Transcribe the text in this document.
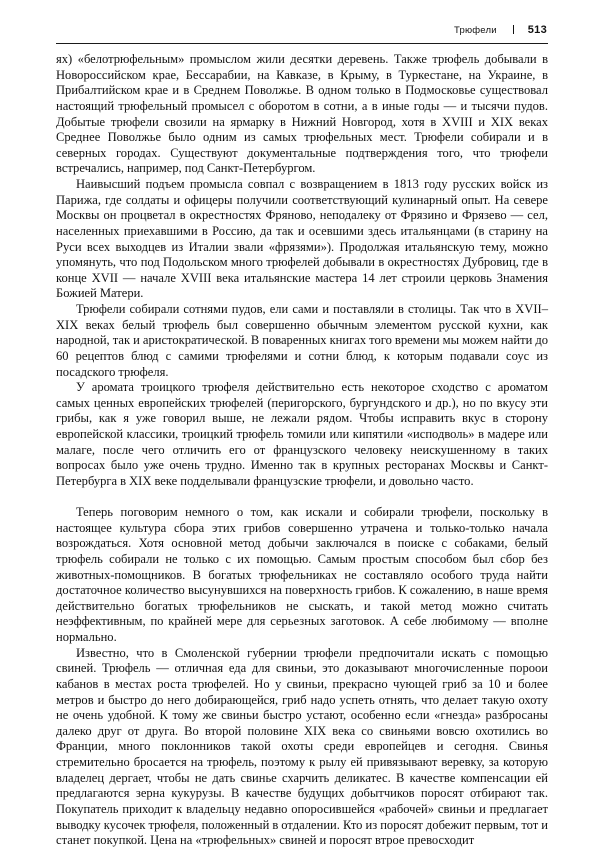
Трюфели	513

ях) «белотрюфельным» промыслом жили десятки деревень. Также трюфель добывали в Новороссийском крае, Бессарабии, на Кавказе, в Крыму, в Туркестане, на Украине, в Прибалтийском крае и в Среднем Поволжье. В одном только в Подмосковье существовал настоящий трюфельный промысел с оборотом в сотни, а в иные годы — и тысячи пудов. Добытые трюфели свозили на ярмарку в Нижний Новгород, хотя в XVIII и XIX веках Среднее Поволжье было одним из самых трюфельных мест. Трюфели собирали и в северных городах. Существуют документальные подтверждения того, что трюфели встречались, например, под Санкт-Петербургом.

Наивысший подъем промысла совпал с возвращением в 1813 году русских войск из Парижа, где солдаты и офицеры получили соответствующий кулинарный опыт. На севере Москвы он процветал в окрестностях Фряново, неподалеку от Фрязино и Фрязево — сел, населенных приехавшими в Россию, да так и осевшими здесь итальянцами (в старину на Руси всех выходцев из Италии звали «фрязями»). Продолжая итальянскую тему, можно упомянуть, что под Подольском много трюфелей добывали в окрестностях Дубровиц, где в конце XVII — начале XVIII века итальянские мастера 14 лет строили церковь Знамения Божией Матери.

Трюфели собирали сотнями пудов, ели сами и поставляли в столицы. Так что в XVII–XIX веках белый трюфель был совершенно обычным элементом русской кухни, как народной, так и аристократической. В поваренных книгах того времени мы можем найти до 60 рецептов блюд с самими трюфелями и сотни блюд, к которым подавали соус из посадского трюфеля.

У аромата троицкого трюфеля действительно есть некоторое сходство с ароматом самых ценных европейских трюфелей (перигорского, бургундского и др.), но по вкусу эти грибы, как я уже говорил выше, не лежали рядом. Чтобы исправить вкус в сторону европейской классики, троицкий трюфель томили или кипятили «исподволь» в мадере или малаге, после чего отличить его от французского человеку неискушенному в таких вопросах было уже очень трудно. Именно так в крупных ресторанах Москвы и Санкт-Петербурга в XIX веке подделывали французские трюфели, и довольно часто.

Теперь поговорим немного о том, как искали и собирали трюфели, поскольку в настоящее культура сбора этих грибов совершенно утрачена и только-только начала возрождаться. Хотя основной метод добычи заключался в поиске с собаками, белый трюфель собирали не только с их помощью. Самым простым способом был сбор без животных-помощников. В богатых трюфельниках не составляло особого труда найти достаточное количество высунувшихся на поверхность грибов. К сожалению, в наше время действительно богатых трюфельников не сыскать, и такой метод можно считать неэффективным, по крайней мере для серьезных заготовок. А себе любимому — вполне нормально.

Известно, что в Смоленской губернии трюфели предпочитали искать с помощью свиней. Трюфель — отличная еда для свиньи, это доказывают многочисленные пороои кабанов в местах роста трюфелей. Но у свиньи, прекрасно чующей гриб за 10 и более метров и быстро до него добирающейся, гриб надо успеть отнять, что делает такую охоту не очень удобной. К тому же свиньи быстро устают, особенно если «гнезда» разбросаны далеко друг от друга. Во второй половине XIX века со свиньями вовсю охотились во Франции, много поклонников такой охоты среди европейцев и сегодня. Свинья стремительно бросается на трюфель, поэтому к рылу ей привязывают веревку, за которую владелец дергает, чтобы не дать свинье схарчить деликатес. В качестве компенсации ей предлагаются зерна кукурузы. В качестве будущих добытчиков поросят отбирают так. Покупатель приходит к владельцу недавно опоросившейся «рабочей» свиньи и предлагает выводку кусочек трюфеля, положенный в отдалении. Кто из поросят добежит первым, тот и станет покупкой. Цена на «трюфельных» свиней и поросят втрое превосходит
